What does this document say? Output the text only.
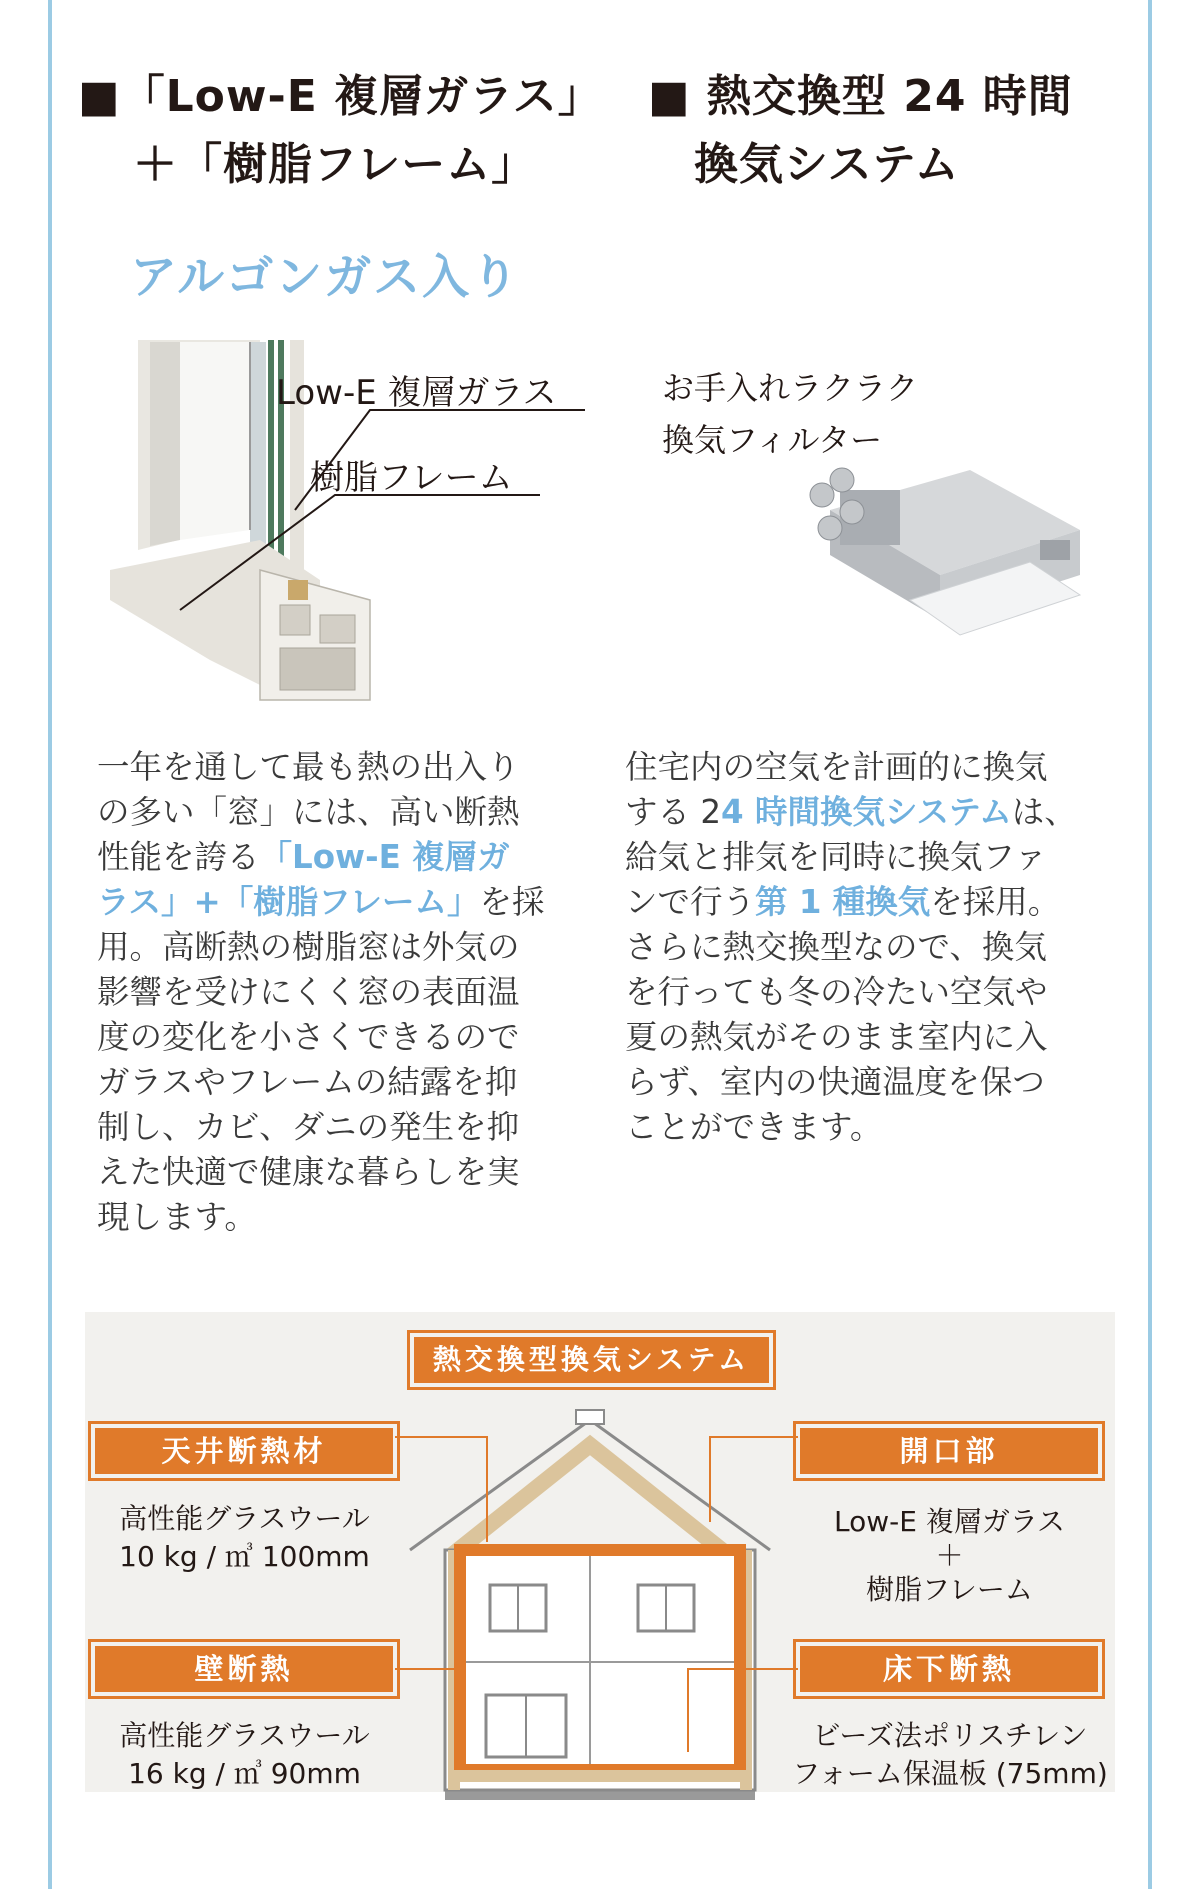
■「Low-E 複層ガラス」
＋「樹脂フレーム」
■ 熱交換型 24 時間
換気システム
アルゴンガス入り
Low-E 複層ガラス
樹脂フレーム
お手入れラクラク
換気フィルター
一年を通して最も熱の出入り
の多い「窓」には、高い断熱
性能を誇る「Low-E 複層ガ
ラス」+「樹脂フレーム」を採
用。高断熱の樹脂窓は外気の
影響を受けにくく窓の表面温
度の変化を小さくできるので
ガラスやフレームの結露を抑
制し、カビ、ダニの発生を抑
えた快適で健康な暮らしを実
現します。
住宅内の空気を計画的に換気
する 24 時間換気システムは、
給気と排気を同時に換気ファ
ンで行う第 1 種換気を採用。
さらに熱交換型なので、換気
を行っても冬の冷たい空気や
夏の熱気がそのまま室内に入
らず、室内の快適温度を保つ
ことができます。
熱交換型換気システム
天井断熱材
高性能グラスウール
10 kg / ㎥ 100mm
壁断熱
高性能グラスウール
16 kg / ㎥ 90mm
開口部
Low-E 複層ガラス
＋
樹脂フレーム
床下断熱
ビーズ法ポリスチレン
フォーム保温板 (75mm)
